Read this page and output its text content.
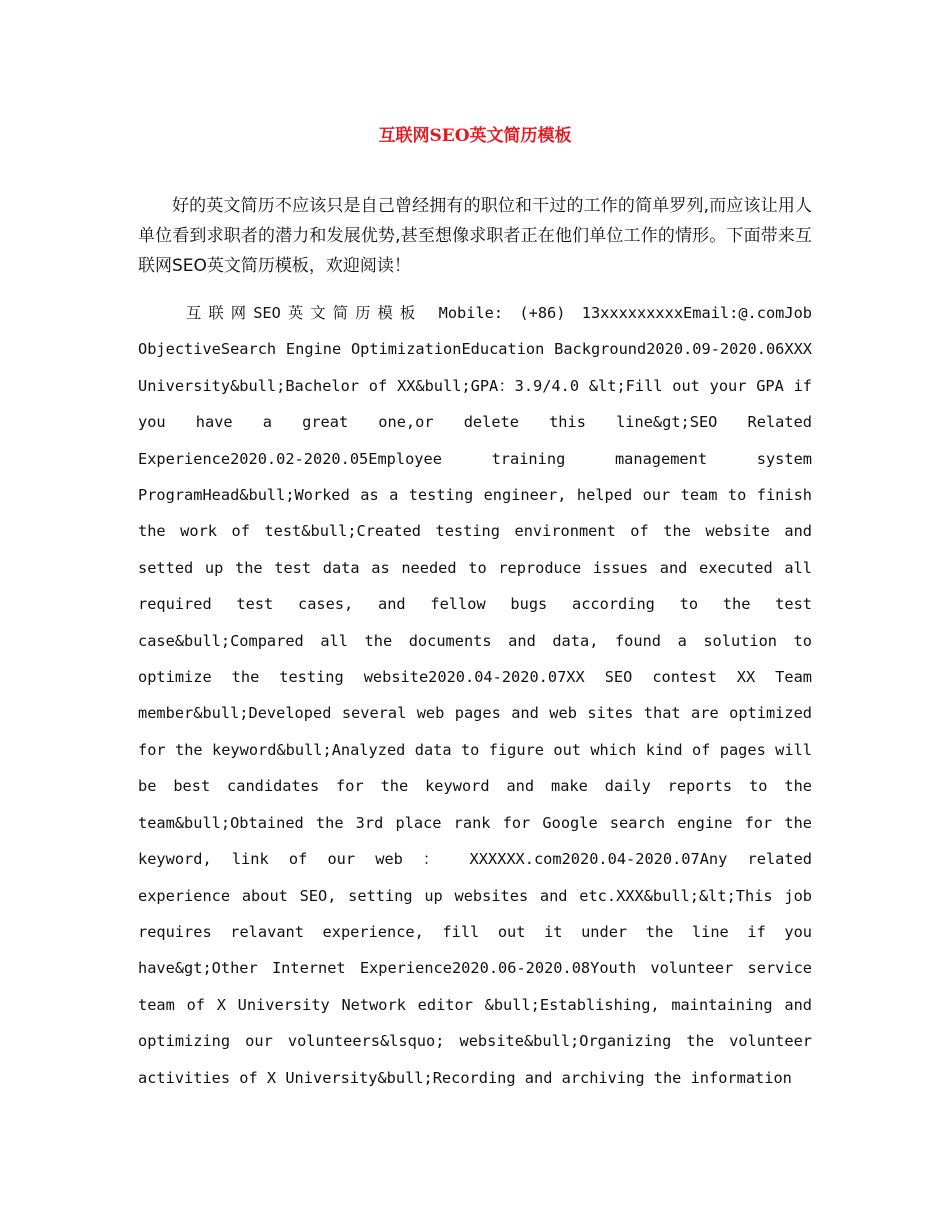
互联网SEO英文简历模板

好的英文简历不应该只是自己曾经拥有的职位和干过的工作的简单罗列,而应该让用人单位看到求职者的潜力和发展优势,甚至想像求职者正在他们单位工作的情形。下面带来互联网SEO英文简历模板，欢迎阅读！

互联网SEO英文简历模板 Mobile: (+86) 13xxxxxxxxxEmail:@.comJob ObjectiveSearch Engine OptimizationEducation Background2020.09-2020.06XXX University&bull;Bachelor of XX&bull;GPA：3.9/4.0 &lt;Fill out your GPA if you have a great one,or delete this line&gt;SEO Related Experience2020.02-2020.05Employee training management system ProgramHead&bull;Worked as a testing engineer, helped our team to finish the work of test&bull;Created testing environment of the website and setted up the test data as needed to reproduce issues and executed all required test cases, and fellow bugs according to the test case&bull;Compared all the documents and data, found a solution to optimize the testing website2020.04-2020.07XX SEO contest XX Team member&bull;Developed several web pages and web sites that are optimized for the keyword&bull;Analyzed data to figure out which kind of pages will be best candidates for the keyword and make daily reports to the team&bull;Obtained the 3rd place rank for Google search engine for the keyword, link of our web ： XXXXXX.com2020.04-2020.07Any related experience about SEO, setting up websites and etc.XXX&bull;&lt;This job requires relavant experience, fill out it under the line if you have&gt;Other Internet Experience2020.06-2020.08Youth volunteer service team of X University Network editor &bull;Establishing, maintaining and optimizing our volunteers&lsquo; website&bull;Organizing the volunteer activities of X University&bull;Recording and archiving the information
